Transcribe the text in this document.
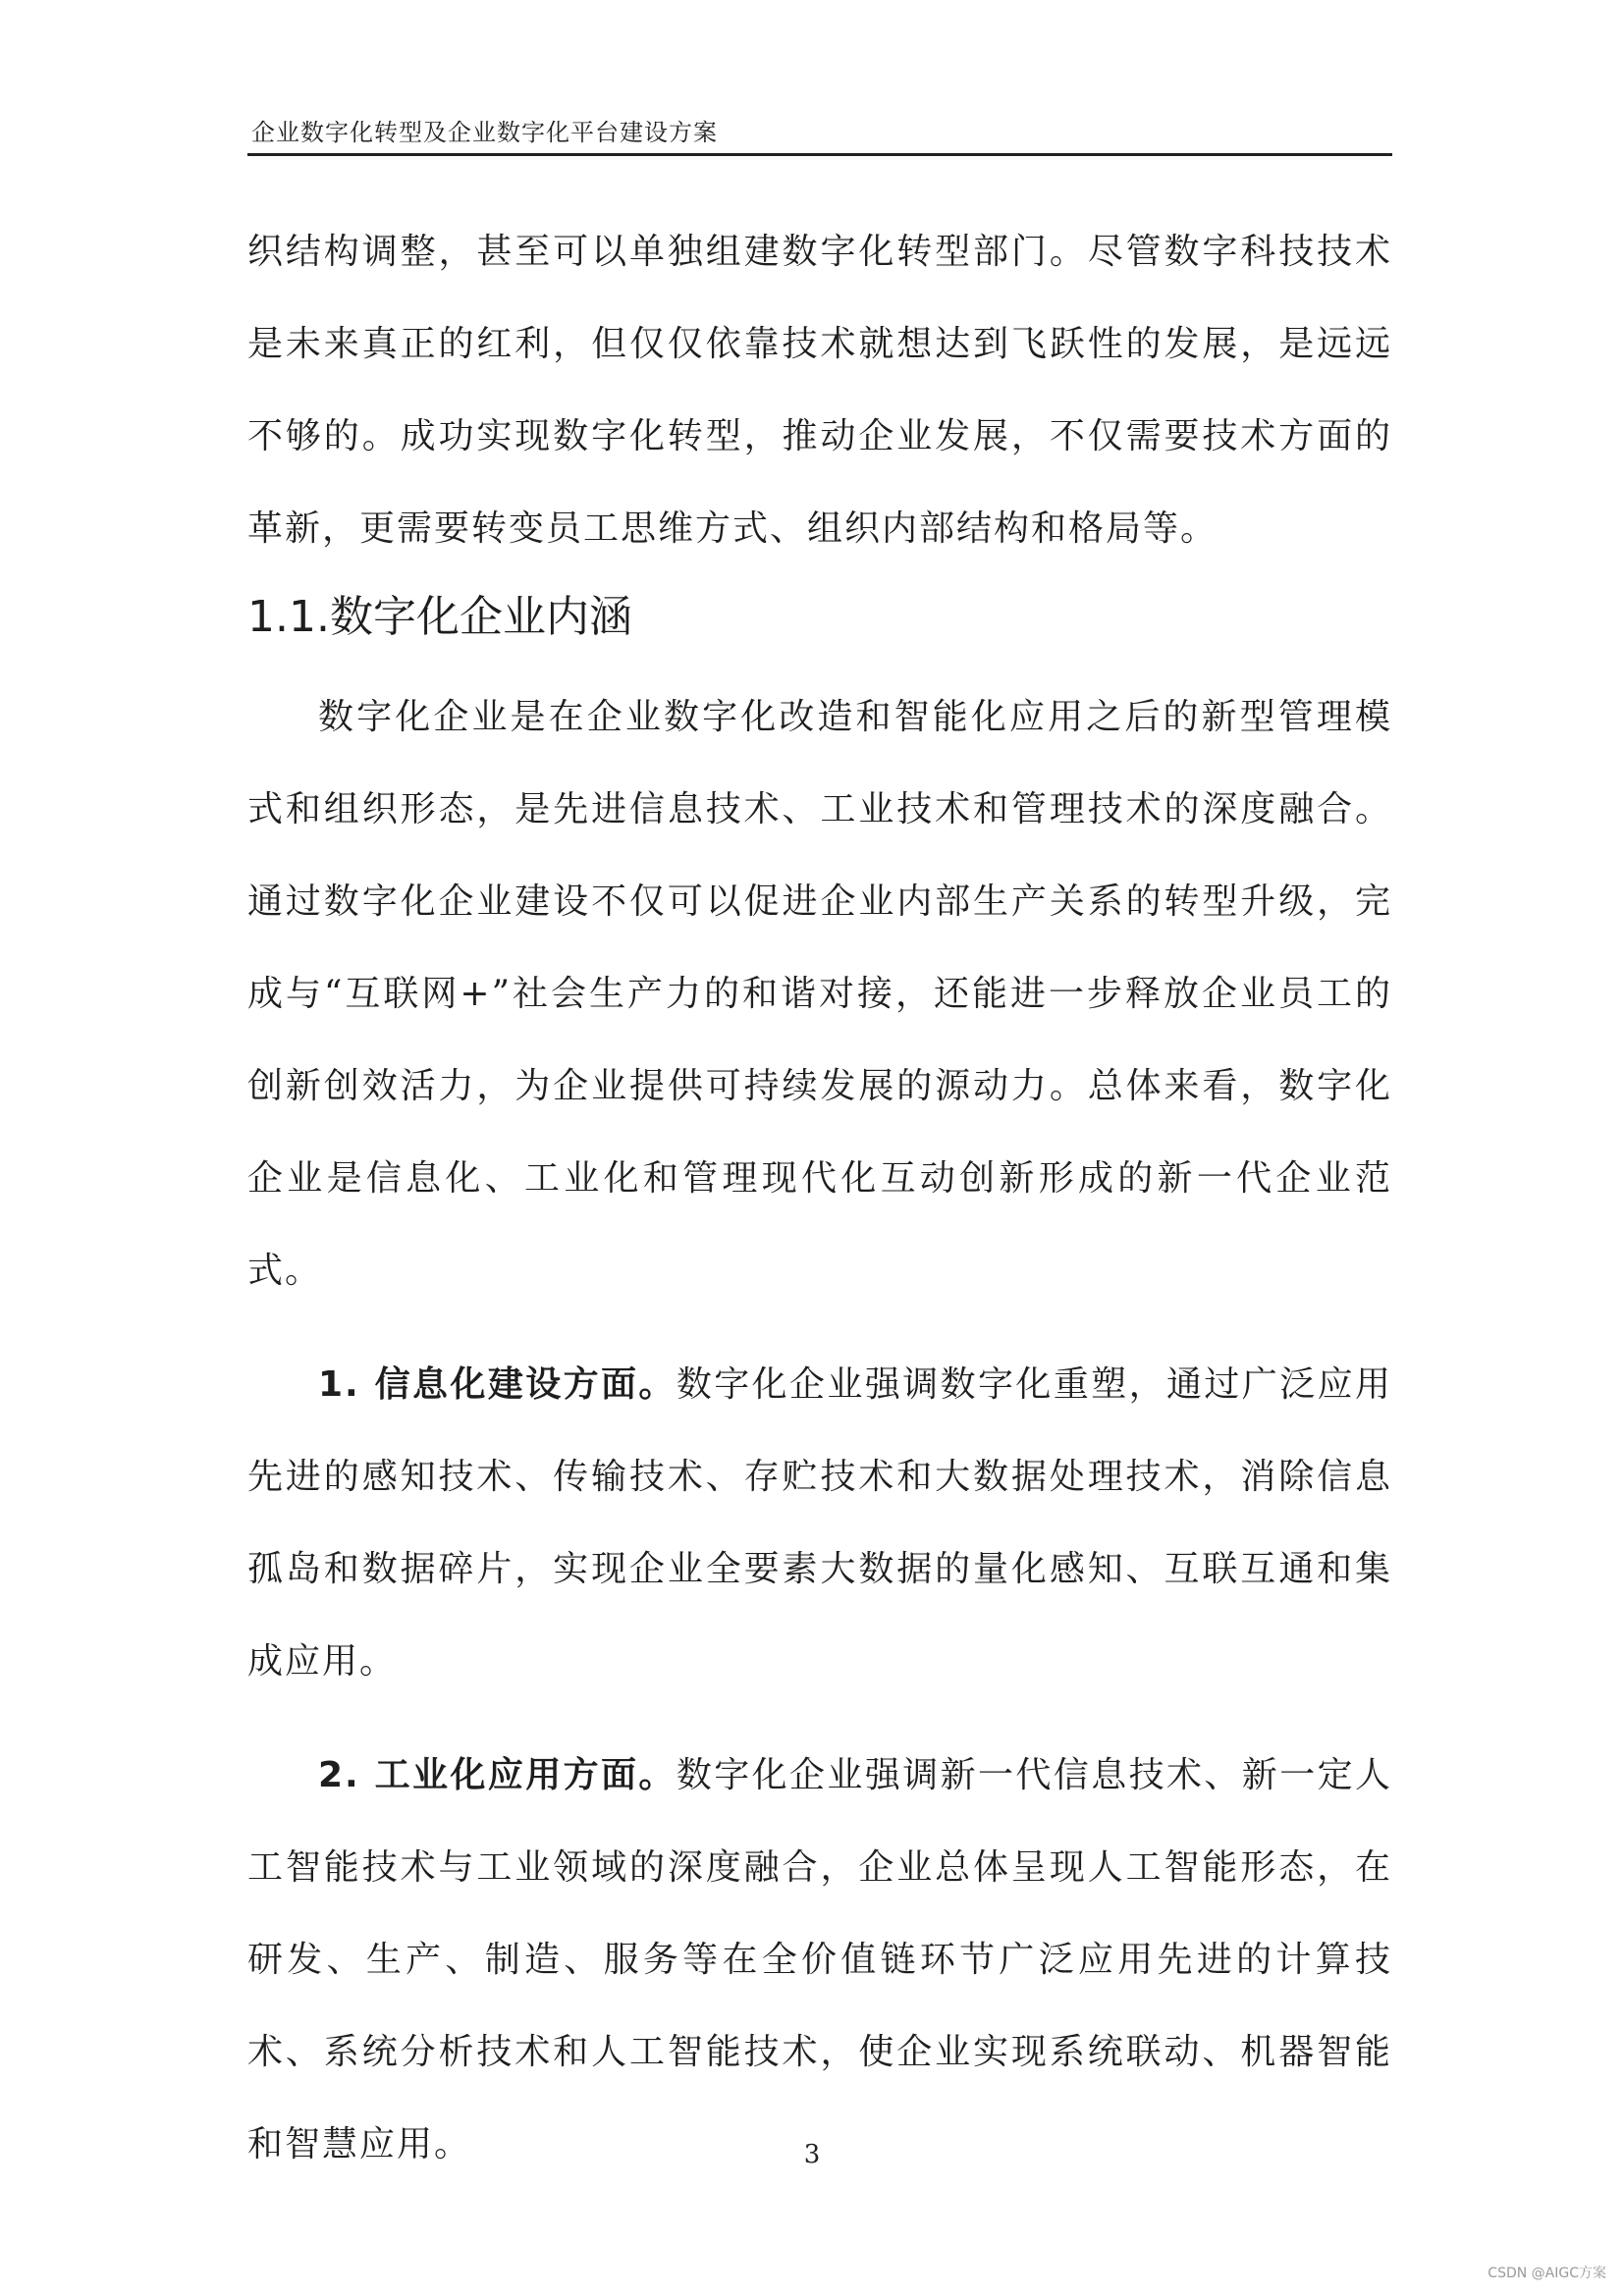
企业数字化转型及企业数字化平台建设方案

织结构调整，甚至可以单独组建数字化转型部门。尽管数字科技技术是未来真正的红利，但仅仅依靠技术就想达到飞跃性的发展，是远远不够的。成功实现数字化转型，推动企业发展，不仅需要技术方面的革新，更需要转变员工思维方式、组织内部结构和格局等。

1.1.数字化企业内涵

数字化企业是在企业数字化改造和智能化应用之后的新型管理模式和组织形态，是先进信息技术、工业技术和管理技术的深度融合。通过数字化企业建设不仅可以促进企业内部生产关系的转型升级，完成与“互联网+”社会生产力的和谐对接，还能进一步释放企业员工的创新创效活力，为企业提供可持续发展的源动力。总体来看，数字化企业是信息化、工业化和管理现代化互动创新形成的新一代企业范式。

1. 信息化建设方面。数字化企业强调数字化重塑，通过广泛应用先进的感知技术、传输技术、存贮技术和大数据处理技术，消除信息孤岛和数据碎片，实现企业全要素大数据的量化感知、互联互通和集成应用。

2. 工业化应用方面。数字化企业强调新一代信息技术、新一定人工智能技术与工业领域的深度融合，企业总体呈现人工智能形态，在研发、生产、制造、服务等在全价值链环节广泛应用先进的计算技术、系统分析技术和人工智能技术，使企业实现系统联动、机器智能和智慧应用。	3
CSDN @AIGC方案
